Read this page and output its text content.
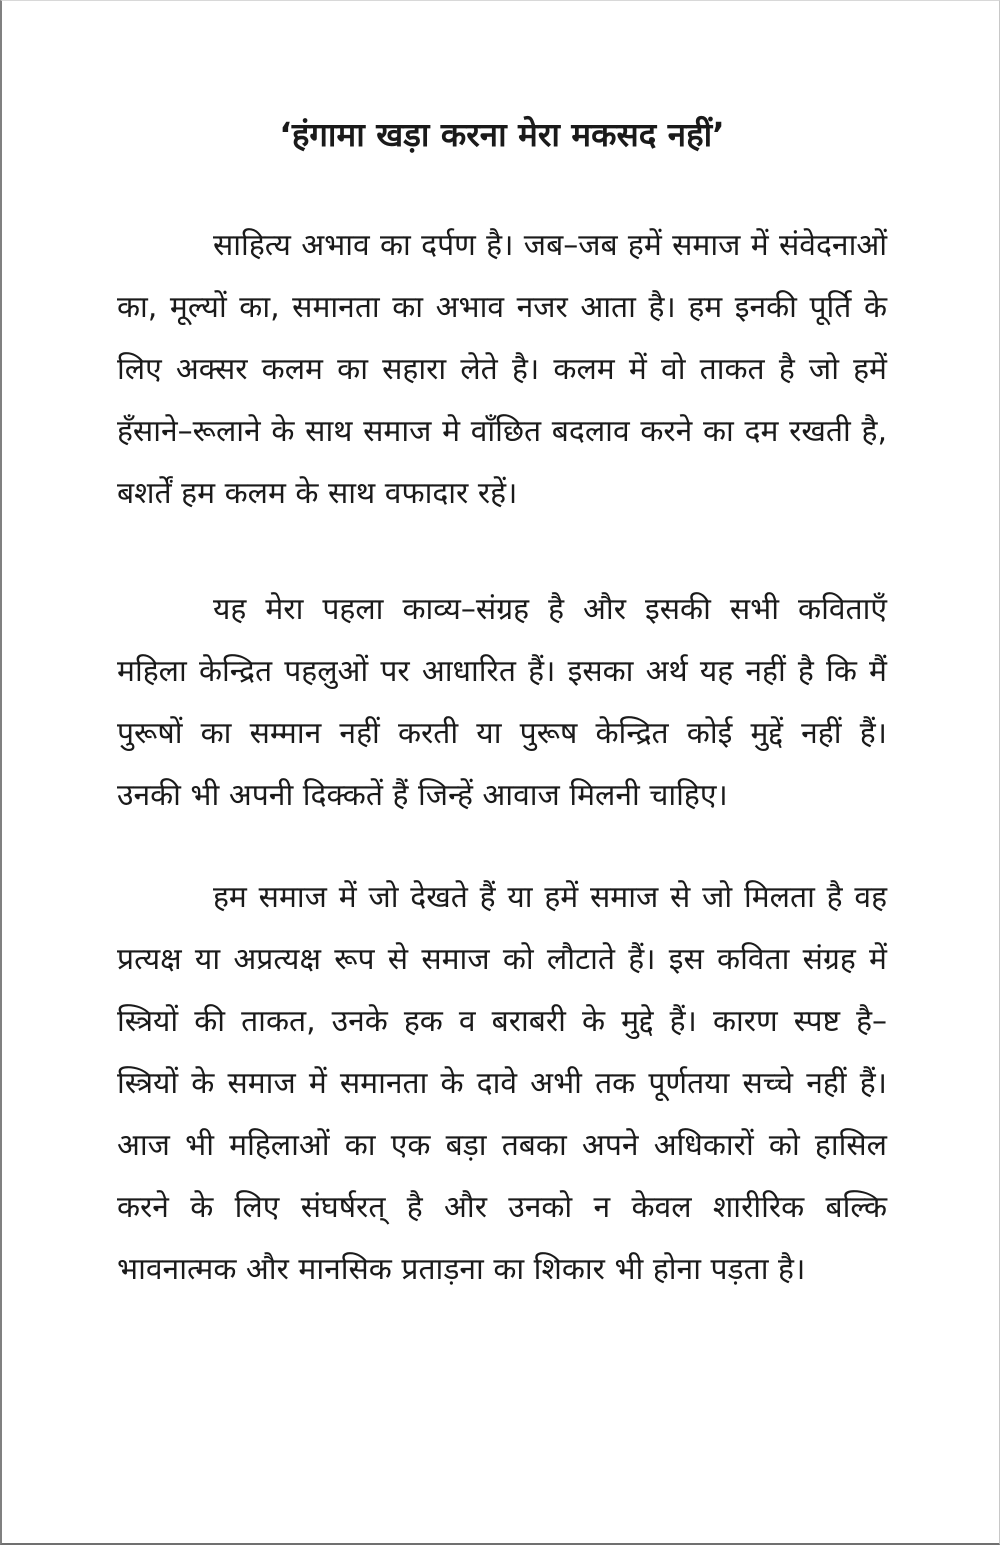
‘हंगामा खड़ा करना मेरा मकसद नहीं’
साहित्य अभाव का दर्पण है। जब–जब हमें समाज में संवेदनाओं
का, मूल्यों का, समानता का अभाव नजर आता है। हम इनकी पूर्ति के
लिए अक्सर कलम का सहारा लेते है। कलम में वो ताकत है जो हमें
हँसाने–रूलाने के साथ समाज मे वाँछित बदलाव करने का दम रखती है,
बशर्तें हम कलम के साथ वफादार रहें।
यह मेरा पहला काव्य–संग्रह है और इसकी सभी कविताएँ
महिला केन्द्रित पहलुओं पर आधारित हैं। इसका अर्थ यह नहीं है कि मैं
पुरूषों का सम्मान नहीं करती या पुरूष केन्द्रित कोई मुद्दें नहीं हैं।
उनकी भी अपनी दिक्कतें हैं जिन्हें आवाज मिलनी चाहिए।
हम समाज में जो देखते हैं या हमें समाज से जो मिलता है वह
प्रत्यक्ष या अप्रत्यक्ष रूप से समाज को लौटाते हैं। इस कविता संग्रह में
स्त्रियों की ताकत, उनके हक व बराबरी के मुद्दे हैं। कारण स्पष्ट है–
स्त्रियों के समाज में समानता के दावे अभी तक पूर्णतया सच्चे नहीं हैं।
आज भी महिलाओं का एक बड़ा तबका अपने अधिकारों को हासिल
करने के लिए संघर्षरत् है और उनको न केवल शारीरिक बल्कि
भावनात्मक और मानसिक प्रताड़ना का शिकार भी होना पड़ता है।
